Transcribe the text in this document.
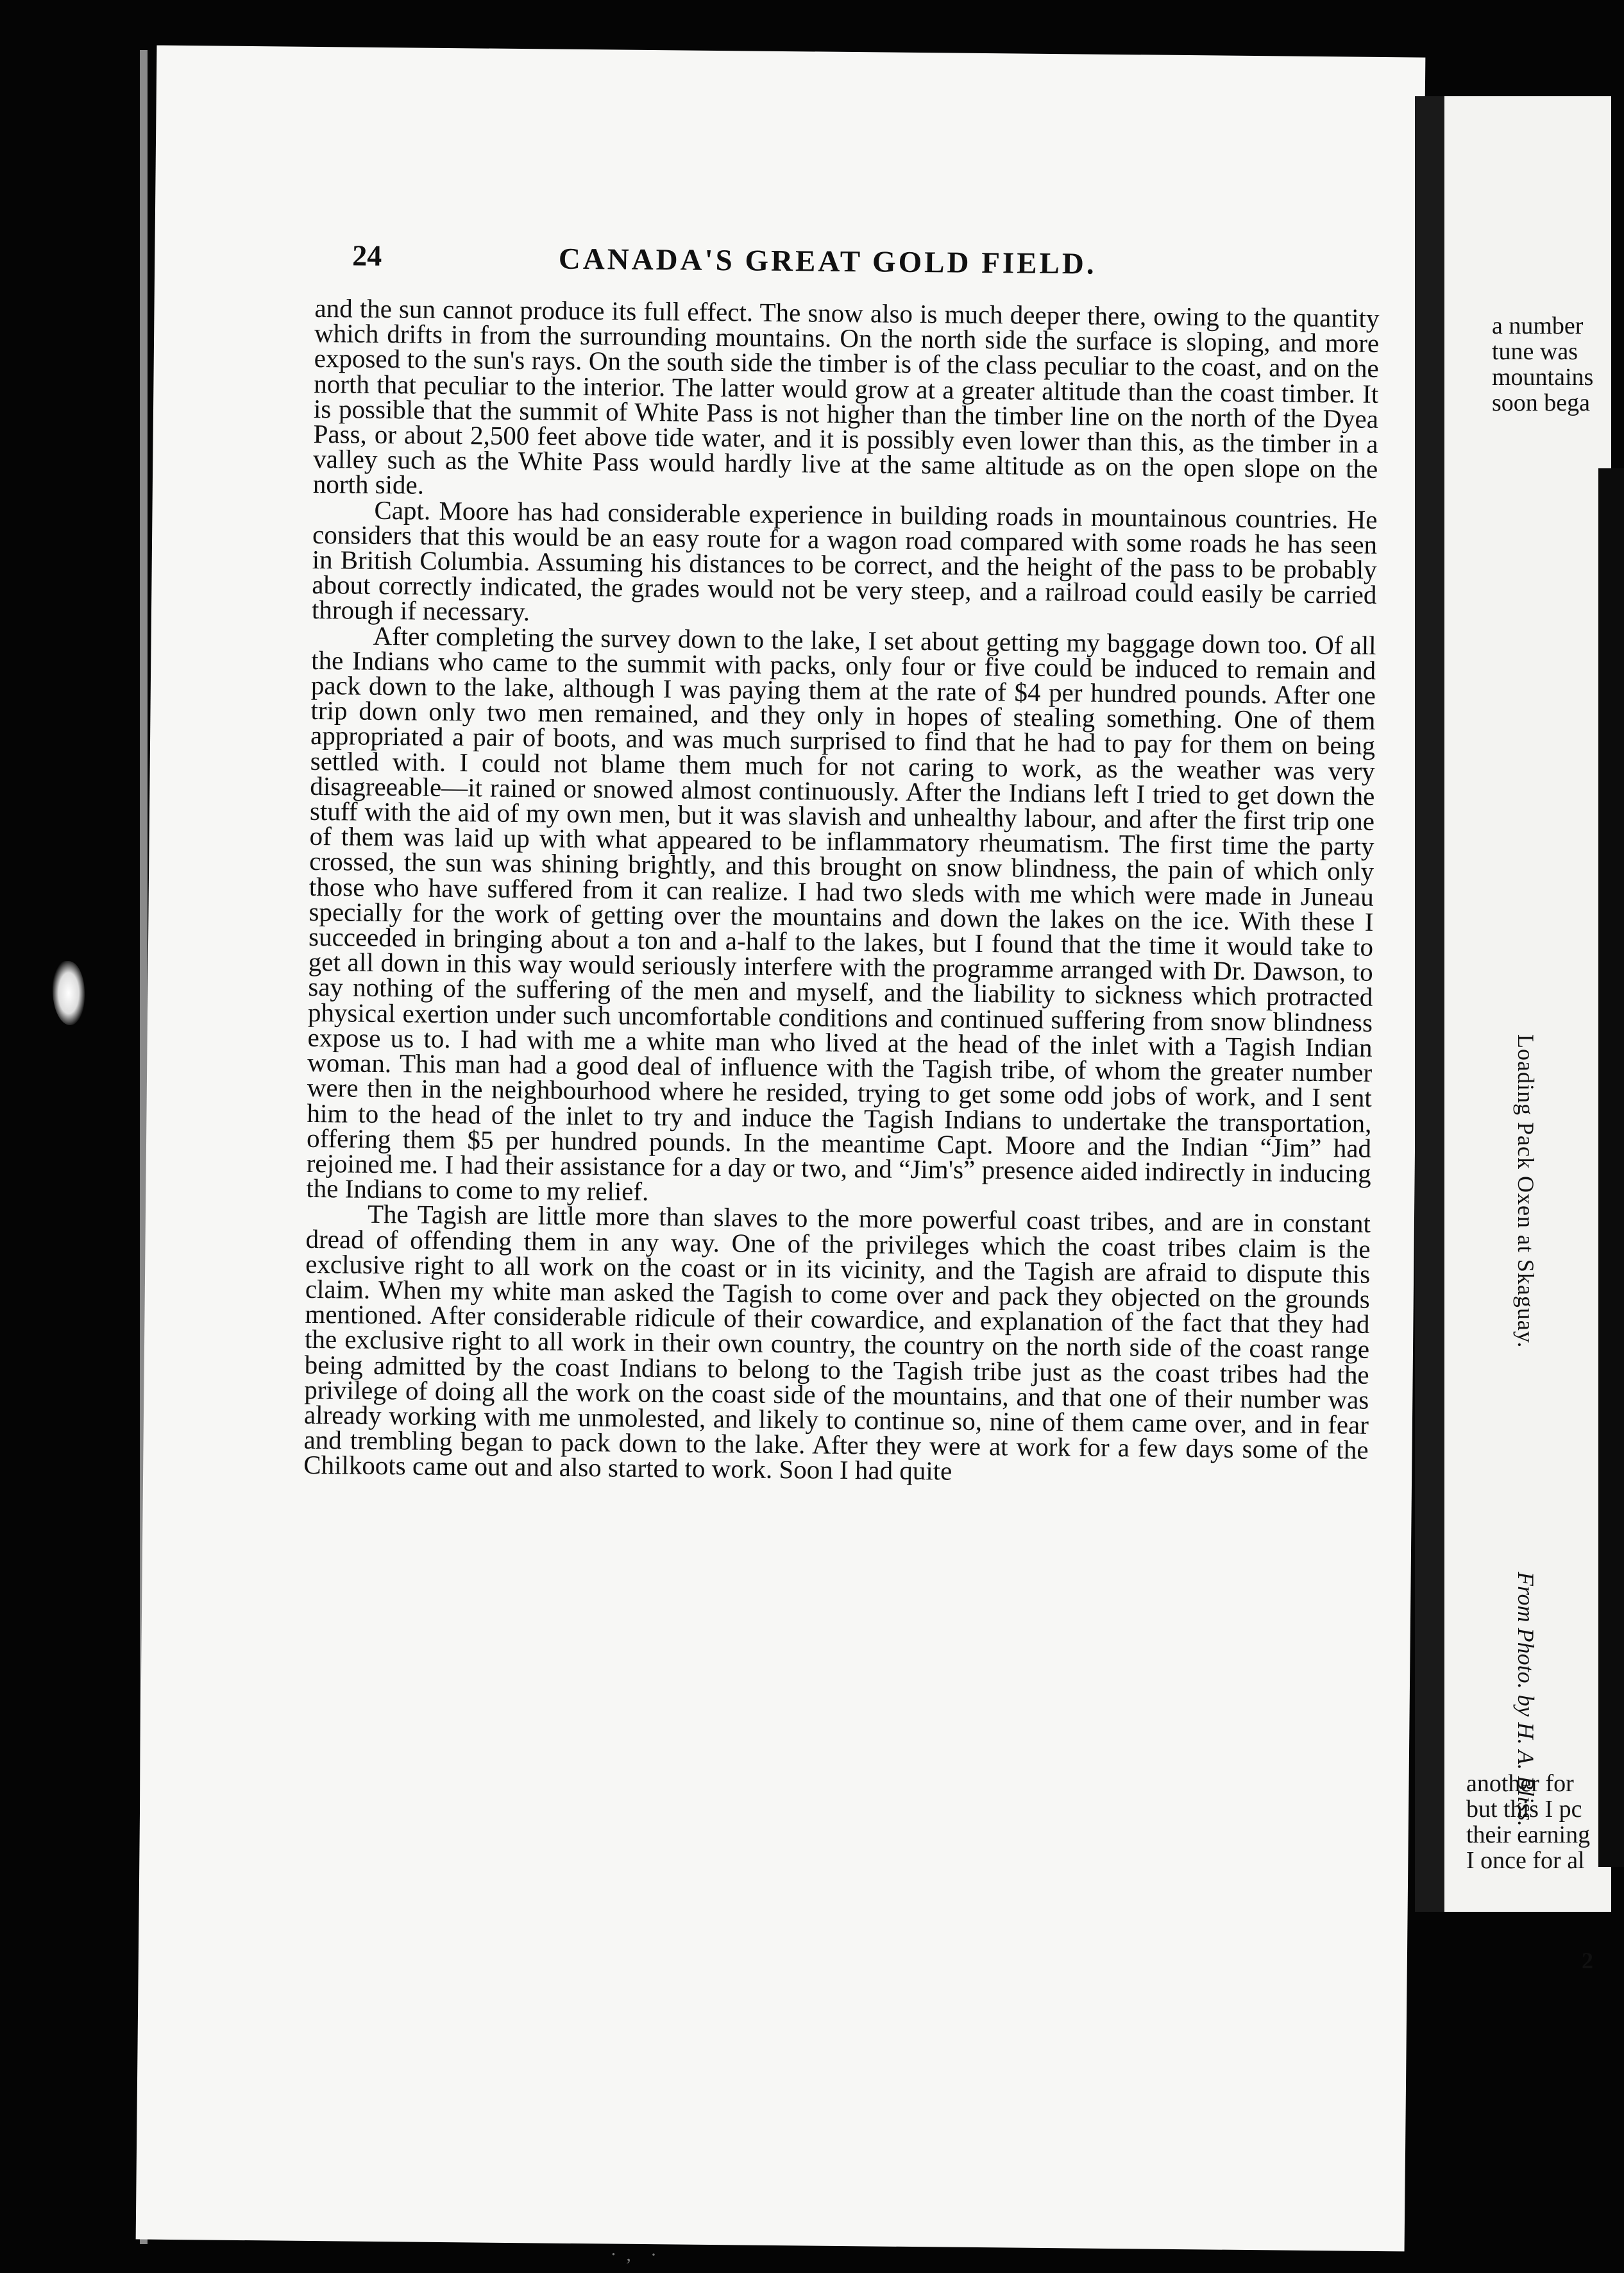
24	CANADA'S GREAT GOLD FIELD.

and the sun cannot produce its full effect. The snow also is much deeper there, owing to the quantity which drifts in from the surrounding mountains. On the north side the surface is sloping, and more exposed to the sun's rays. On the south side the timber is of the class peculiar to the coast, and on the north that peculiar to the interior. The latter would grow at a greater altitude than the coast timber. It is possible that the summit of White Pass is not higher than the timber line on the north of the Dyea Pass, or about 2,500 feet above tide water, and it is possibly even lower than this, as the timber in a valley such as the White Pass would hardly live at the same altitude as on the open slope on the north side.

Capt. Moore has had considerable experience in building roads in mountainous countries. He considers that this would be an easy route for a wagon road compared with some roads he has seen in British Columbia. Assuming his distances to be correct, and the height of the pass to be probably about correctly indicated, the grades would not be very steep, and a railroad could easily be carried through if necessary.

After completing the survey down to the lake, I set about getting my baggage down too. Of all the Indians who came to the summit with packs, only four or five could be induced to remain and pack down to the lake, although I was paying them at the rate of $4 per hundred pounds. After one trip down only two men remained, and they only in hopes of stealing something. One of them appropriated a pair of boots, and was much surprised to find that he had to pay for them on being settled with. I could not blame them much for not caring to work, as the weather was very disagreeable—it rained or snowed almost continuously. After the Indians left I tried to get down the stuff with the aid of my own men, but it was slavish and unhealthy labour, and after the first trip one of them was laid up with what appeared to be inflammatory rheumatism. The first time the party crossed, the sun was shining brightly, and this brought on snow blindness, the pain of which only those who have suffered from it can realize. I had two sleds with me which were made in Juneau specially for the work of getting over the mountains and down the lakes on the ice. With these I succeeded in bringing about a ton and a-half to the lakes, but I found that the time it would take to get all down in this way would seriously interfere with the programme arranged with Dr. Dawson, to say nothing of the suffering of the men and myself, and the liability to sickness which protracted physical exertion under such uncomfortable conditions and continued suffering from snow blindness expose us to. I had with me a white man who lived at the head of the inlet with a Tagish Indian woman. This man had a good deal of influence with the Tagish tribe, of whom the greater number were then in the neighbourhood where he resided, trying to get some odd jobs of work, and I sent him to the head of the inlet to try and induce the Tagish Indians to undertake the transportation, offering them $5 per hundred pounds. In the meantime Capt. Moore and the Indian “Jim” had rejoined me. I had their assistance for a day or two, and “Jim's” presence aided indirectly in inducing the Indians to come to my relief.

The Tagish are little more than slaves to the more powerful coast tribes, and are in constant dread of offending them in any way. One of the privileges which the coast tribes claim is the exclusive right to all work on the coast or in its vicinity, and the Tagish are afraid to dispute this claim. When my white man asked the Tagish to come over and pack they objected on the grounds mentioned. After considerable ridicule of their cowardice, and explanation of the fact that they had the exclusive right to all work in their own country, the country on the north side of the coast range being admitted by the coast Indians to belong to the Tagish tribe just as the coast tribes had the privilege of doing all the work on the coast side of the mountains, and that one of their number was already working with me unmolested, and likely to continue so, nine of them came over, and in fear and trembling began to pack down to the lake. After they were at work for a few days some of the Chilkoots came out and also started to work. Soon I had quite

·  ,    ·
a number
tune was
mountains
soon bega
Loading Pack Oxen at Skaguay.
From Photo. by H. A. Bliss.
another for
but this I pc
their earning
I once for al
2
